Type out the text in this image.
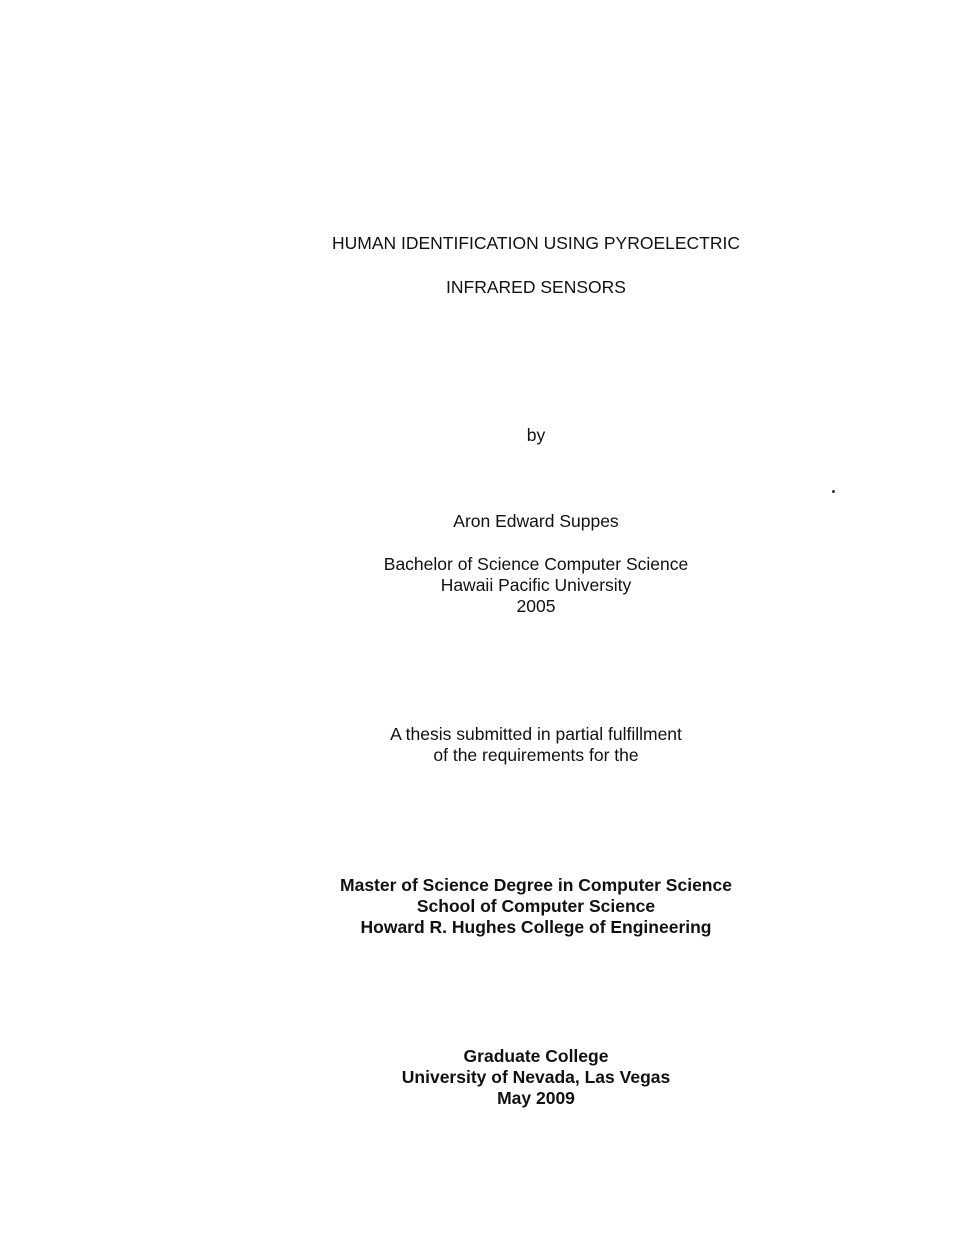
HUMAN IDENTIFICATION USING PYROELECTRIC
INFRARED SENSORS
by
Aron Edward Suppes
Bachelor of Science Computer Science
Hawaii Pacific University
2005
A thesis submitted in partial fulfillment
of the requirements for the
Master of Science Degree in Computer Science
School of Computer Science
Howard R. Hughes College of Engineering
Graduate College
University of Nevada, Las Vegas
May 2009
